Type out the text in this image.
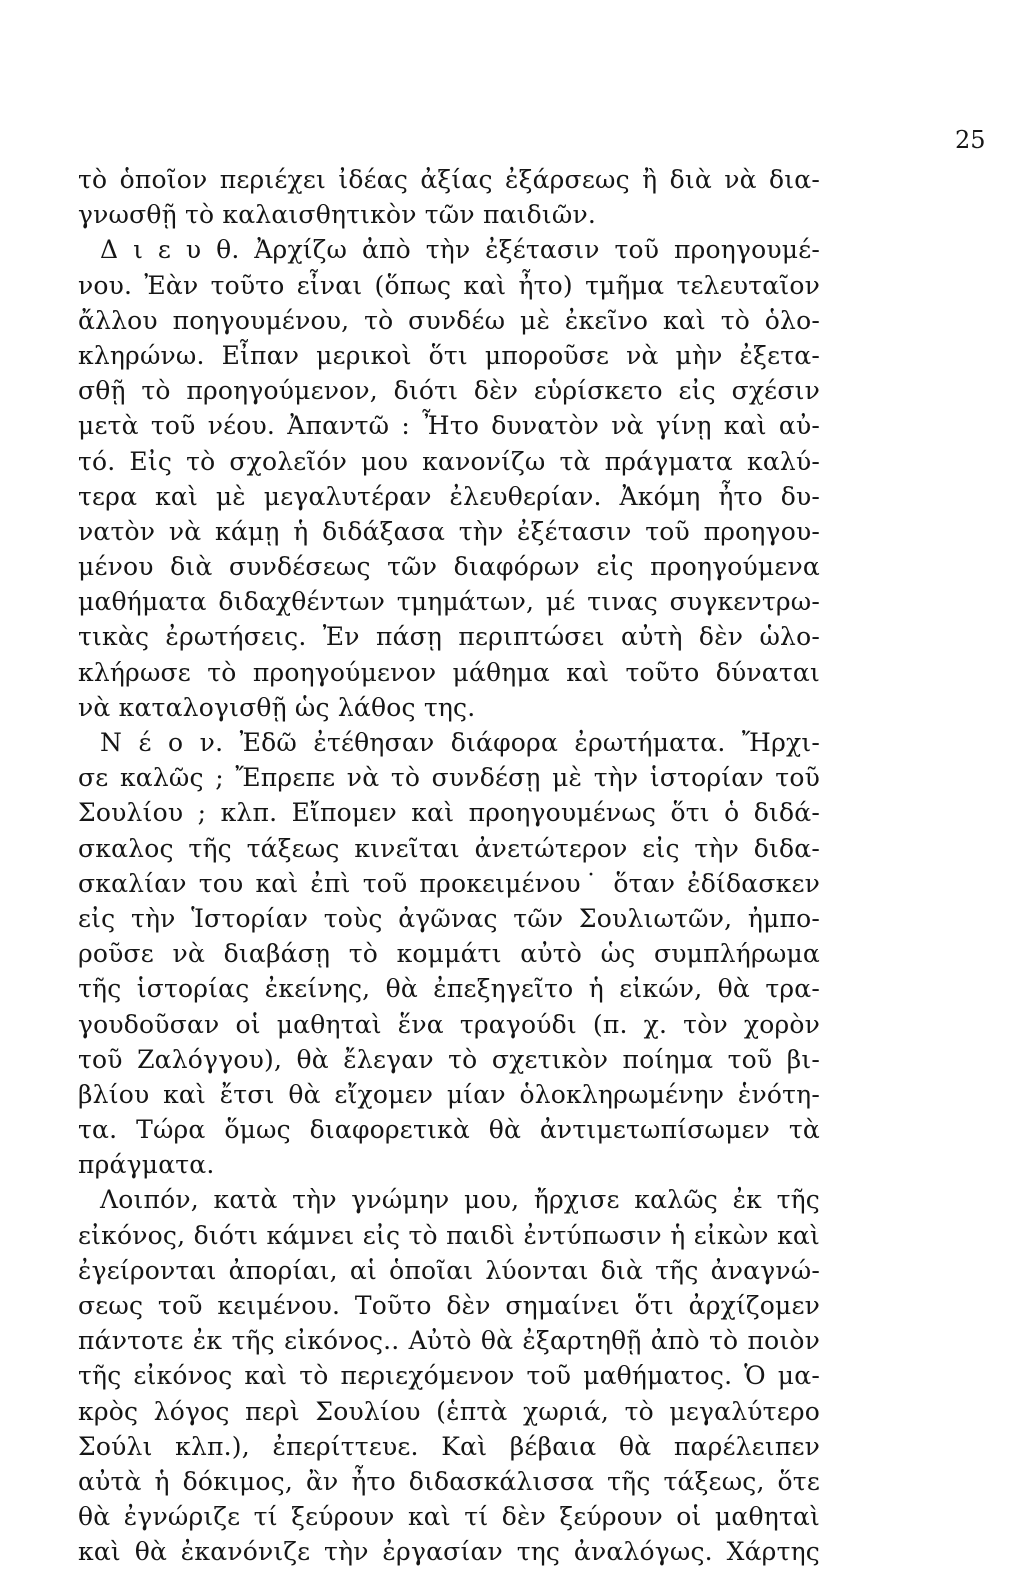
25
τὸ ὁποῖον περιέχει ἰδέας ἀξίας ἐξάρσεως ἢ διὰ νὰ δια-
γνωσθῇ τὸ καλαισθητικὸν τῶν παιδιῶν.
Δ ι ε υ θ. Ἀρχίζω ἀπὸ τὴν ἐξέτασιν τοῦ προηγουμέ-
νου. Ἐὰν τοῦτο εἶναι (ὅπως καὶ ἦτο) τμῆμα τελευταῖον
ἄλλου πoηγουμένου, τὸ συνδέω μὲ ἐκεῖνο καὶ τὸ ὁλο-
κληρώνω. Εἶπαν μερικοὶ ὅτι μποροῦσε νὰ μὴν ἐξετα-
σθῇ τὸ προηγούμενον, διότι δὲν εὑρίσκετο εἰς σχέσιν
μετὰ τοῦ νέου. Ἀπαντῶ : Ἦτο δυνατὸν νὰ γίνῃ καὶ αὐ-
τό. Εἰς τὸ σχολεῖόν μου κανονίζω τὰ πράγματα καλύ-
τερα καὶ μὲ μεγαλυτέραν ἐλευθερίαν. Ἀκόμη ἦτο δυ-
νατὸν νὰ κάμῃ ἡ διδάξασα τὴν ἐξέτασιν τοῦ προηγου-
μένου διὰ συνδέσεως τῶν διαφόρων εἰς προηγούμενα
μαθήματα διδαχθέντων τμημάτων, μέ τινας συγκεντρω-
τικὰς ἐρωτήσεις. Ἐν πάσῃ περιπτώσει αὐτὴ δὲν ὡλο-
κλήρωσε τὸ προηγούμενον μάθημα καὶ τοῦτο δύναται
νὰ καταλογισθῇ ὡς λάθος της.
Ν έ ο ν. Ἐδῶ ἐτέθησαν διάφορα ἐρωτήματα. Ἤρχι-
σε καλῶς ; Ἔπρεπε νὰ τὸ συνδέσῃ μὲ τὴν ἱστορίαν τοῦ
Σουλίου ; κλπ. Εἴπομεν καὶ προηγουμένως ὅτι ὁ διδά-
σκαλος τῆς τάξεως κινεῖται ἀνετώτερον εἰς τὴν διδα-
σκαλίαν του καὶ ἐπὶ τοῦ προκειμένου˙ ὅταν ἐδίδασκεν
εἰς τὴν Ἱστορίαν τοὺς ἀγῶνας τῶν Σουλιωτῶν, ἠμπο-
ροῦσε νὰ διαβάσῃ τὸ κομμάτι αὐτὸ ὡς συμπλήρωμα
τῆς ἱστορίας ἐκείνης, θὰ ἐπεξηγεῖτο ἡ εἰκών, θὰ τρα-
γουδοῦσαν οἱ μαθηταὶ ἕνα τραγούδι (π. χ. τὸν χορὸν
τοῦ Ζαλόγγου), θὰ ἔλεγαν τὸ σχετικὸν ποίημα τοῦ βι-
βλίου καὶ ἔτσι θὰ εἴχομεν μίαν ὁλοκληρωμένην ἑνότη-
τα. Τώρα ὅμως διαφορετικὰ θὰ ἀντιμετωπίσωμεν τὰ
πράγματα.
Λοιπόν, κατὰ τὴν γνώμην μου, ἤρχισε καλῶς ἐκ τῆς
εἰκόνος, διότι κάμνει εἰς τὸ παιδὶ ἐντύπωσιν ἡ εἰκὼν καὶ
ἐγείρονται ἀπορίαι, αἱ ὁποῖαι λύονται διὰ τῆς ἀναγνώ-
σεως τοῦ κειμένου. Τοῦτο δὲν σημαίνει ὅτι ἀρχίζομεν
πάντοτε ἐκ τῆς εἰκόνος.. Αὐτὸ θὰ ἐξαρτηθῇ ἀπὸ τὸ ποιὸν
τῆς εἰκόνος καὶ τὸ περιεχόμενον τοῦ μαθήματος. Ὁ μα-
κρὸς λόγος περὶ Σουλίου (ἑπτὰ χωριά, τὸ μεγαλύτερο
Σούλι κλπ.), ἐπερίττευε. Καὶ βέβαια θὰ παρέλειπεν
αὐτὰ ἡ δόκιμος, ἂν ἦτο διδασκάλισσα τῆς τάξεως, ὅτε
θὰ ἐγνώριζε τί ξεύρουν καὶ τί δὲν ξεύρουν οἱ μαθηταὶ
καὶ θὰ ἐκανόνιζε τὴν ἐργασίαν της ἀναλόγως. Χάρτης
